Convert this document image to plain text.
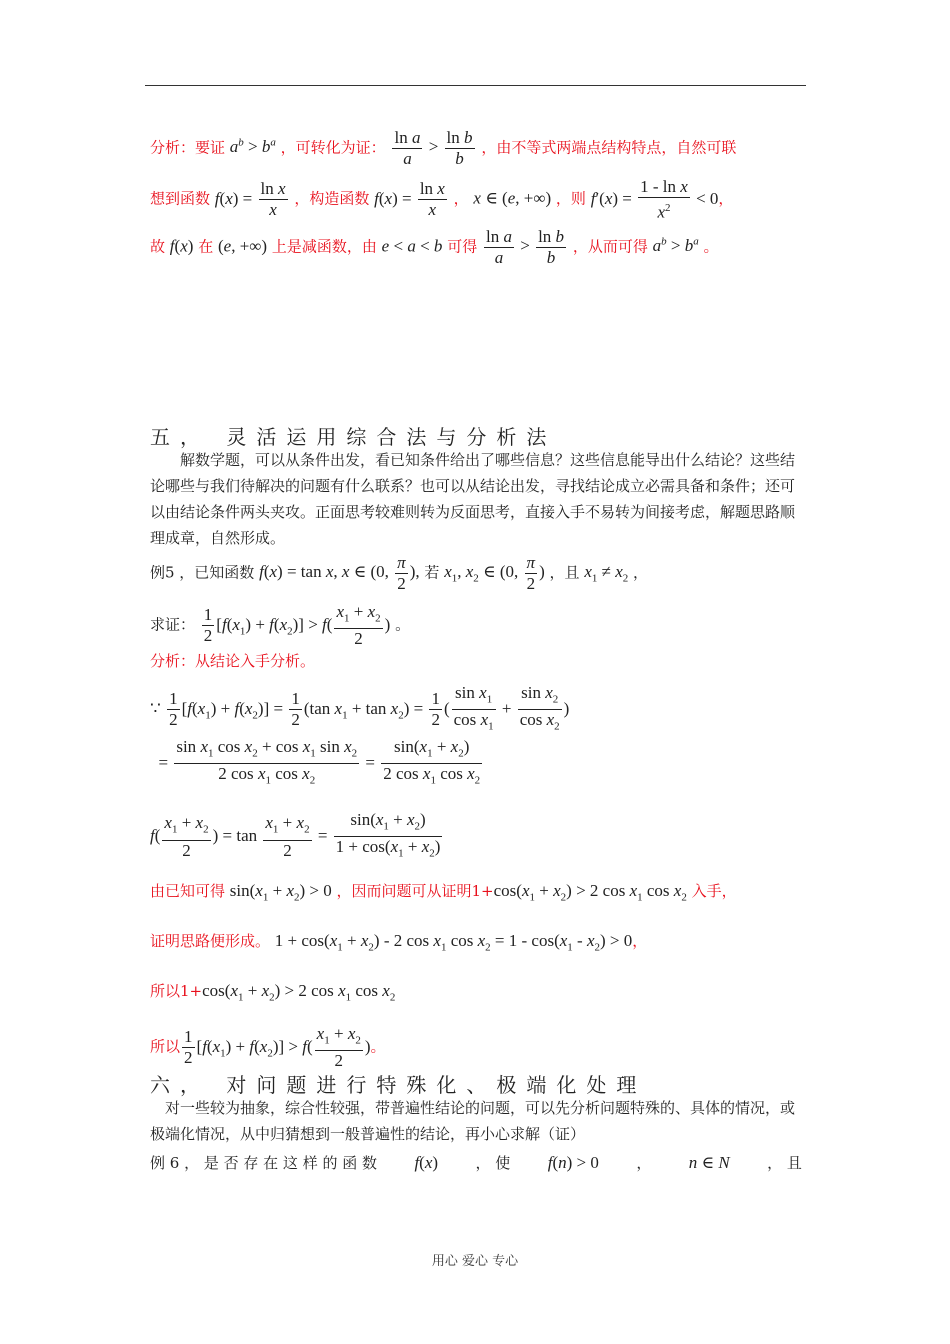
分析：要证 $a^b > b^a$ ，可转化为证： $\frac{\text{ln a}}{a} > \frac{\text{ln b}}{b}$ ，由不等式两端点结构特点，自然可联
想到函数 $f(x) = \frac{\text{ln x}}{x}$ ，构造函数 $f(x) = \frac{\text{ln x}}{x}$ ， x ∈ (e, +∞) ，则 $f'(x) = \frac{\text{1 - ln x}}{x^2} < 0$，
故 f(x) 在 (e, +∞) 上是减函数，由 e < a < b 可得 $\frac{\text{ln a}}{a} > \frac{\text{ln b}}{b}$ ，从而可得 $a^b > b^a$ 。
五， 灵活运用综合法与分析法
解数学题，可以从条件出发，看已知条件给出了哪些信息？这些信息能导出什么结论？这些结论哪些与我们待解决的问题有什么联系？也可以从结论出发，寻找结论成立必需具备和条件；还可以由结论条件两头夹攻。正面思考较难则转为反面思考，直接入手不易转为间接考虑，解题思路顺理成章，自然形成。
例5 ，已知函数 f(x) = tan x, x ∈ (0, $\frac{\pi}{2}$ ), 若 $x_1$, $x_2$ ∈ (0, $\frac{\pi}{2}$ ) ，且 $x_1 \ne x_2$ ，
求证： $\frac{1}{2} [f(x_1) + f(x_2)] > f( \frac{x_1 + x_2}{2}$ ) 。
分析：从结论入手分析。
∵ $\frac{1}{2} [f(x_1) + f(x_2)] = \frac{1}{2} (\tan$ $x_1 + \tan x_2) = \frac{1}{2}$ ( $\frac{\sin x_1}{\cos x_1} + \frac{\sin x_2}{\cos x_2}$ )
= $\frac{\sin x_1 \cos x_2 + \cos x_1 \sin x_2}{2 \cos x_1 \cos x_2} = \frac{\sin(x_1 + x_2)}{2 \cos x_1 \cos x_2}$
$f( \frac{x_1 + x_2}{2}$ ) = $\tan \frac{x_1 + x_2}{2} = \frac{\sin(x_1 + x_2)}{1 + \cos(x_1 + x_2)}$
由已知可得 $\sin(x_1 + x_2) > 0$ ，因而问题可从证明$1+\cos(x_1 + x_2) > 2$ $\cos x_1$ $\cos x_2$ 入手，
证明思路便形成。 $1 + \cos(x_1 + x_2) - 2$ $\cos x_1$ $\cos x_2 = 1 - \cos(x_1 - x_2) > 0$，
所以$1+\cos(x_1 + x_2) > 2$ $\cos x_1$ $\cos x_2$
所以 $\frac{1}{2} [f(x_1) + f(x_2)] > f( \frac{x_1 + x_2}{2}$ )。
六， 对问题进行特殊化、极端化处理
对一些较为抽象，综合性较强，带普遍性结论的问题，可以先分析问题特殊的、具体的情况，或极端化情况，从中归猜想到一般普遍性的结论，再小心求解（证）
例 6 ， 是 否 存 在 这 样 的 函 数 f(x) ， 使 f(n) > 0 ， n ∈ N ， 且
用心 爱心 专心
